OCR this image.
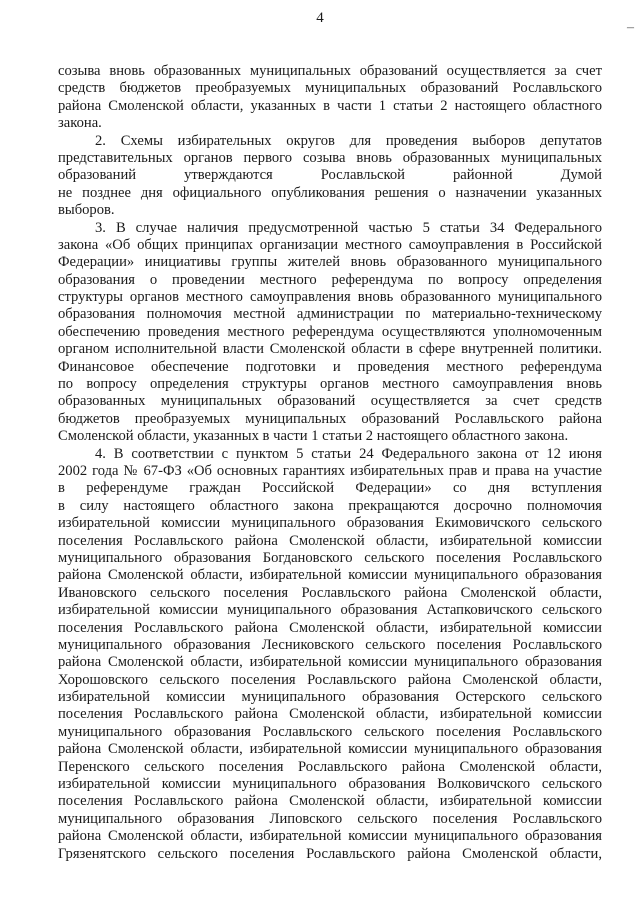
4
–
созыва вновь образованных муниципальных образований осуществляется за счет
средств бюджетов преобразуемых муниципальных образований Рославльского
района Смоленской области, указанных в части 1 статьи 2 настоящего областного
закона.
2. Схемы избирательных округов для проведения выборов депутатов
представительных органов первого созыва вновь образованных муниципальных
образований утверждаются Рославльской районной Думой
не позднее дня официального опубликования решения о назначении указанных
выборов.
3. В случае наличия предусмотренной частью 5 статьи 34 Федерального
закона «Об общих принципах организации местного самоуправления в Российской
Федерации» инициативы группы жителей вновь образованного муниципального
образования о проведении местного референдума по вопросу определения
структуры органов местного самоуправления вновь образованного муниципального
образования полномочия местной администрации по материально-техническому
обеспечению проведения местного референдума осуществляются уполномоченным
органом исполнительной власти Смоленской области в сфере внутренней политики.
Финансовое обеспечение подготовки и проведения местного референдума
по вопросу определения структуры органов местного самоуправления вновь
образованных муниципальных образований осуществляется за счет средств
бюджетов преобразуемых муниципальных образований Рославльского района
Смоленской области, указанных в части 1 статьи 2 настоящего областного закона.
4. В соответствии с пунктом 5 статьи 24 Федерального закона от 12 июня
2002 года № 67-ФЗ «Об основных гарантиях избирательных прав и права на участие
в референдуме граждан Российской Федерации» со дня вступления
в силу настоящего областного закона прекращаются досрочно полномочия
избирательной комиссии муниципального образования Екимовичского сельского
поселения Рославльского района Смоленской области, избирательной комиссии
муниципального образования Богдановского сельского поселения Рославльского
района Смоленской области, избирательной комиссии муниципального образования
Ивановского сельского поселения Рославльского района Смоленской области,
избирательной комиссии муниципального образования Астапковичского сельского
поселения Рославльского района Смоленской области, избирательной комиссии
муниципального образования Лесниковского сельского поселения Рославльского
района Смоленской области, избирательной комиссии муниципального образования
Хорошовского сельского поселения Рославльского района Смоленской области,
избирательной комиссии муниципального образования Остерского сельского
поселения Рославльского района Смоленской области, избирательной комиссии
муниципального образования Рославльского сельского поселения Рославльского
района Смоленской области, избирательной комиссии муниципального образования
Перенского сельского поселения Рославльского района Смоленской области,
избирательной комиссии муниципального образования Волковичского сельского
поселения Рославльского района Смоленской области, избирательной комиссии
муниципального образования Липовского сельского поселения Рославльского
района Смоленской области, избирательной комиссии муниципального образования
Грязенятского сельского поселения Рославльского района Смоленской области,
